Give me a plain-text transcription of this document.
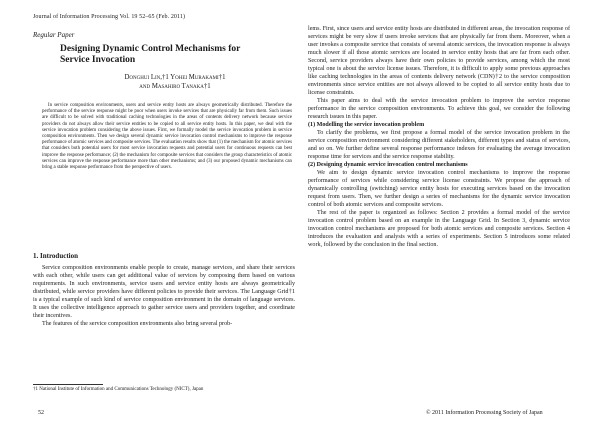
Journal of Information Processing Vol. 19 52–65 (Feb. 2011)
Regular Paper
Designing Dynamic Control Mechanisms for Service Invocation
Donghui Lin,†1 Yohei Murakami†1
and Masahiro Tanaka†1
In service composition environments, users and service entity hosts are always geometrically distributed. Therefore the performance of the service response might be poor when users invoke services that are physically far from them. Such issues are difficult to be solved with traditional caching technologies in the areas of contents delivery network because service providers do not always allow their service entities to be copied to all service entity hosts. In this paper, we deal with the service invocation problem considering the above issues. First, we formally model the service invocation problem in service composition environments. Then we design several dynamic service invocation control mechanisms to improve the response performance of atomic services and composite services. The evaluation results show that (1) the mechanism for atomic services that considers both potential users for most service invocation requests and potential users for continuous requests can best improve the response performance; (2) the mechanism for composite services that considers the group characteristics of atomic services can improve the response performance more than other mechanisms; and (3) our proposed dynamic mechanisms can bring a stable response performance from the perspective of users.
1. Introduction

Service composition environments enable people to create, manage services, and share their services with each other, while users can get additional value of services by composing them based on various requirements. In such environments, service users and service entity hosts are always geometrically distributed, while service providers have different policies to provide their services. The Language Grid†1 is a typical example of such kind of service composition environment in the domain of language services. It uses the collective intelligence approach to gather service users and providers together, and coordinate their incentives.

The features of the service composition environments also bring several prob-

†1 National Institute of Information and Communications Technology (NICT), Japan

lems. First, since users and service entity hosts are distributed in different areas, the invocation response of services might be very slow if users invoke services that are physically far from them. Moreover, when a user invokes a composite service that consists of several atomic services, the invocation response is always much slower if all those atomic services are located in service entity hosts that are far from each other. Second, service providers always have their own policies to provide services, among which the most typical one is about the service license issues. Therefore, it is difficult to apply some previous approaches like caching technologies in the areas of contents delivery network (CDN)†2 to the service composition environments since service entities are not always allowed to be copied to all service entity hosts due to license constraints.

This paper aims to deal with the service invocation problem to improve the service response performance in the service composition environments. To achieve this goal, we consider the following research issues in this paper.

(1) Modelling the service invocation problem

To clarify the problems, we first propose a formal model of the service invocation problem in the service composition environment considering different stakeholders, different types and status of services, and so on. We further define several response performance indexes for evaluating the average invocation response time for services and the service response stability.

(2) Designing dynamic service invocation control mechanisms

We aim to design dynamic service invocation control mechanisms to improve the response performance of services while considering service license constraints. We propose the approach of dynamically controlling (switching) service entity hosts for executing services based on the invocation request from users. Then, we further design a series of mechanisms for the dynamic service invocation control of both atomic services and composite services.

The rest of the paper is organized as follows: Section 2 provides a formal model of the service invocation control problem based on an example in the Language Grid. In Section 3, dynamic service invocation control mechanisms are proposed for both atomic services and composite services. Section 4 introduces the evaluation and analysis with a series of experiments. Section 5 introduces some related work, followed by the conclusion in the final section.

52	© 2011 Information Processing Society of Japan
